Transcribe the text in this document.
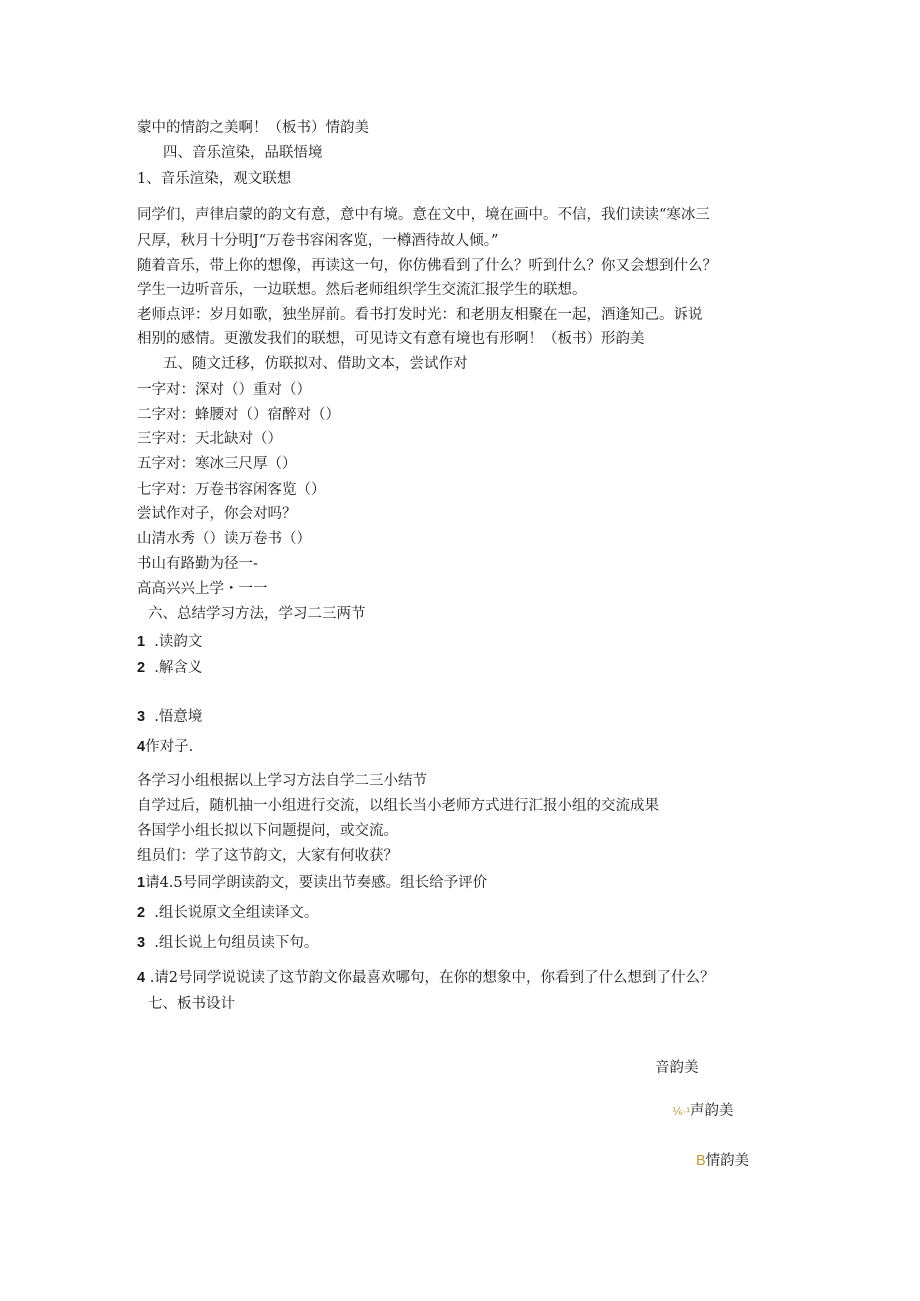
蒙中的情韵之美啊！（板书）情韵美
四、音乐渲染，品联悟境
1、音乐渲染，观文联想
同学们，声律启蒙的韵文有意，意中有境。意在文中，境在画中。不信，我们读读“寒冰三
尺厚，秋月十分明J“万卷书容闲客览，一樽酒待故人倾。”
随着音乐，带上你的想像，再读这一句，你仿佛看到了什么？听到什么？你又会想到什么？
学生一边听音乐，一边联想。然后老师组织学生交流汇报学生的联想。
老师点评：岁月如歌，独坐屏前。看书打发时光：和老朋友相聚在一起，酒逢知己。诉说
相别的感情。更激发我们的联想，可见诗文有意有境也有形啊！（板书）形韵美
五、随文迁移，仿联拟对、借助文本，尝试作对
一字对：深对（）重对（）
二字对：蜂腰对（）宿醉对（）
三字对：天北缺对（）
五字对：寒冰三尺厚（）
七字对：万卷书容闲客览（）
尝试作对子，你会对吗？
山清水秀（）读万卷书（）
书山有路勤为径一-
高高兴兴上学・一一
六、总结学习方法，学习二三两节
1 .读韵文
2 .解含义
3 .悟意境
4作对子.
各学习小组根据以上学习方法自学二三小结节
自学过后，随机抽一小组进行交流，以组长当小老师方式进行汇报小组的交流成果
各国学小组长拟以下问题提问，或交流。
组员们：学了这节韵文，大家有何收获？
1请4.5号同学朗读韵文，要读出节奏感。组长给予评价
2 .组长说原文全组读译文。
3 .组长说上句组员读下句。
4 .请2号同学说说读了这节韵文你最喜欢哪句，在你的想象中，你看到了什么想到了什么？
七、板书设计
音韵美
⅙·¹声韵美
B情韵美
